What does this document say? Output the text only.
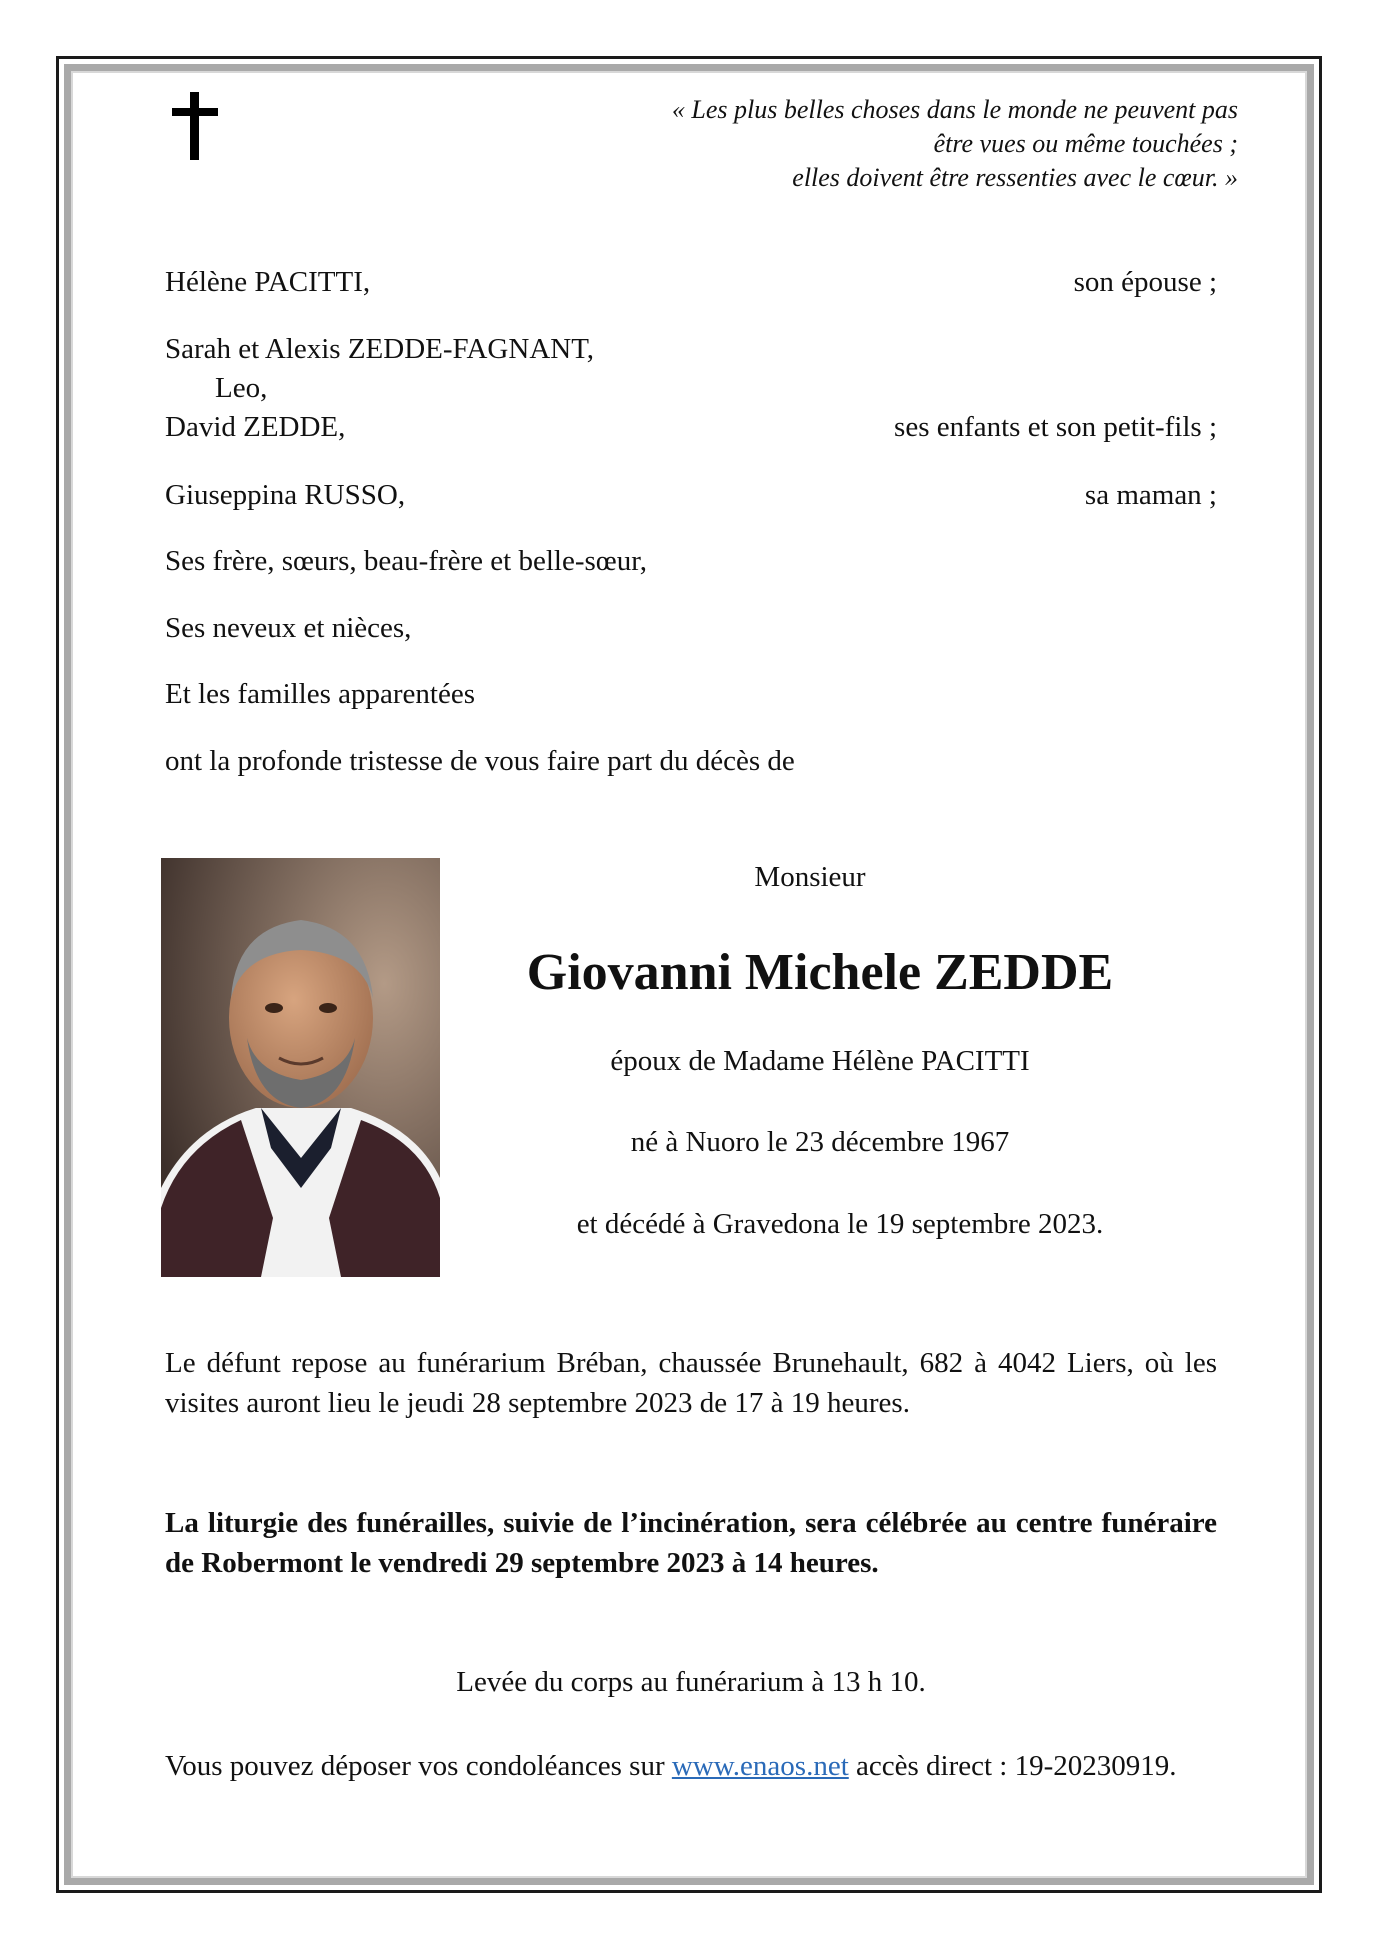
« Les plus belles choses dans le monde ne peuvent pas
être vues ou même touchées ;
elles doivent être ressenties avec le cœur. »
Hélène PACITTI,	son épouse ;
Sarah et Alexis ZEDDE-FAGNANT,
Leo,
David ZEDDE,	ses enfants et son petit-fils ;
Giuseppina RUSSO,	sa maman ;
Ses frère, sœurs, beau-frère et belle-sœur,
Ses neveux et nièces,
Et les familles apparentées
ont la profonde tristesse de vous faire part du décès de
Monsieur
Giovanni Michele ZEDDE
époux de Madame Hélène PACITTI
né à Nuoro le 23 décembre 1967
et décédé à Gravedona le 19 septembre 2023.
Le défunt repose au funérarium Bréban, chaussée Brunehault, 682 à 4042 Liers, où les visites auront lieu le jeudi 28 septembre 2023 de 17 à 19 heures.
La liturgie des funérailles, suivie de l’incinération, sera célébrée au centre funéraire de Robermont le vendredi 29 septembre 2023 à 14 heures.
Levée du corps au funérarium à 13 h 10.
Vous pouvez déposer vos condoléances sur www.enaos.net accès direct : 19-20230919.
